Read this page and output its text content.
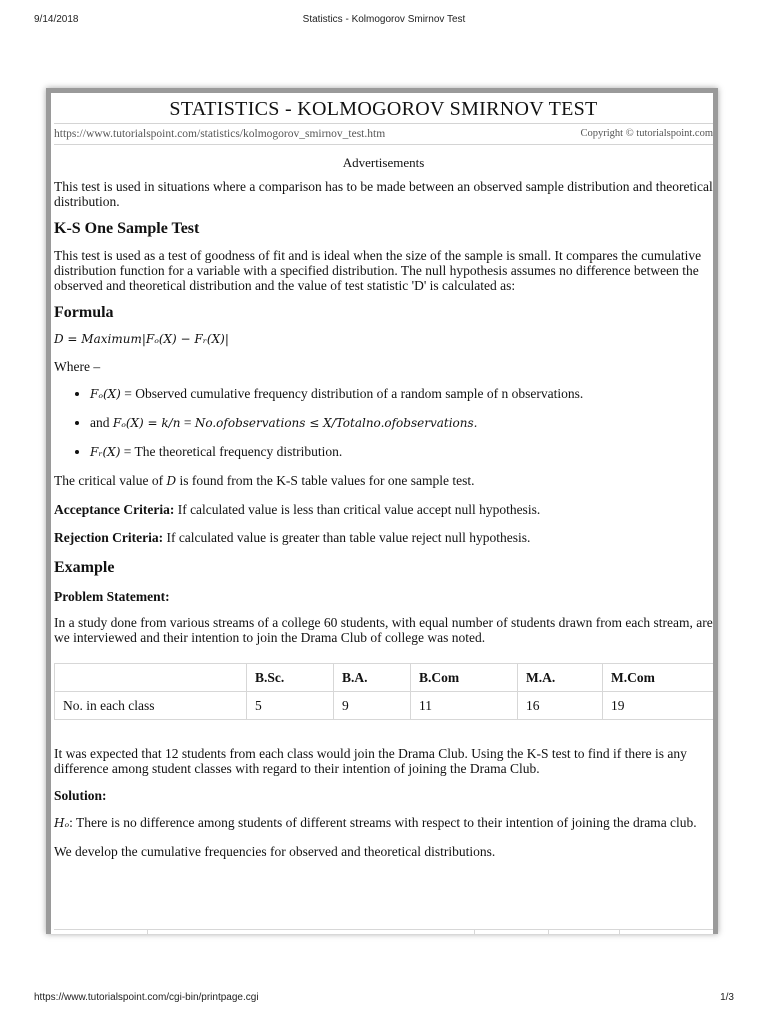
9/14/2018	Statistics - Kolmogorov Smirnov Test
STATISTICS - KOLMOGOROV SMIRNOV TEST
https://www.tutorialspoint.com/statistics/kolmogorov_smirnov_test.htm	Copyright © tutorialspoint.com
Advertisements

This test is used in situations where a comparison has to be made between an observed sample distribution and theoretical distribution.

K-S One Sample Test

This test is used as a test of goodness of fit and is ideal when the size of the sample is small. It compares the cumulative distribution function for a variable with a specified distribution. The null hypothesis assumes no difference between the observed and theoretical distribution and the value of test statistic 'D' is calculated as:

Formula

D = Maximum|Fₒ(X) − Fᵣ(X)|

Where –

• Fₒ(X) = Observed cumulative frequency distribution of a random sample of n observations.
• and Fₒ(X) = k/n = No.ofobservations ≤ X/Totalno.ofobservations.
• Fᵣ(X) = The theoretical frequency distribution.

The critical value of D is found from the K-S table values for one sample test.

Acceptance Criteria: If calculated value is less than critical value accept null hypothesis.

Rejection Criteria: If calculated value is greater than table value reject null hypothesis.

Example

Problem Statement:

In a study done from various streams of a college 60 students, with equal number of students drawn from each stream, are we interviewed and their intention to join the Drama Club of college was noted.

	B.Sc.	B.A.	B.Com	M.A.	M.Com
No. in each class	5	9	11	16	19

It was expected that 12 students from each class would join the Drama Club. Using the K-S test to find if there is any difference among student classes with regard to their intention of joining the Drama Club.

Solution:

Hₒ: There is no difference among students of different streams with respect to their intention of joining the drama club.

We develop the cumulative frequencies for observed and theoretical distributions.

https://www.tutorialspoint.com/cgi-bin/printpage.cgi	1/3
